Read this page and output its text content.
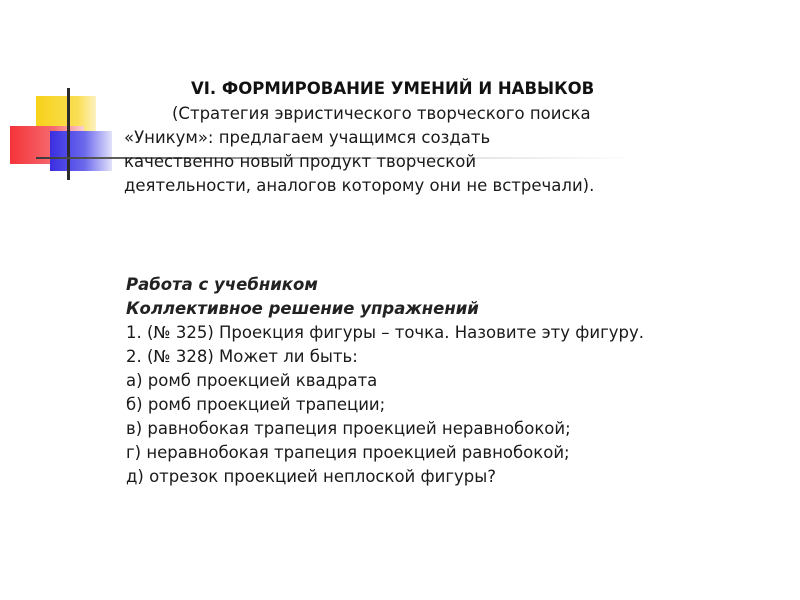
VI. ФОРМИРОВАНИЕ УМЕНИЙ И НАВЫКОВ

(Стратегия эвристического творческого поиска

«Уникум»: предлагаем учащимся создать

качественно новый продукт творческой

деятельности, аналогов которому они не встречали).

Работа с учебником

Коллективное решение упражнений

1. (№ 325) Проекция фигуры – точка. Назовите эту фигуру.

2. (№ 328) Может ли быть:

а) ромб проекцией квадрата

б) ромб проекцией трапеции;

в) равнобокая трапеция проекцией неравнобокой;

г) неравнобокая трапеция проекцией равнобокой;

д) отрезок проекцией неплоской фигуры?
